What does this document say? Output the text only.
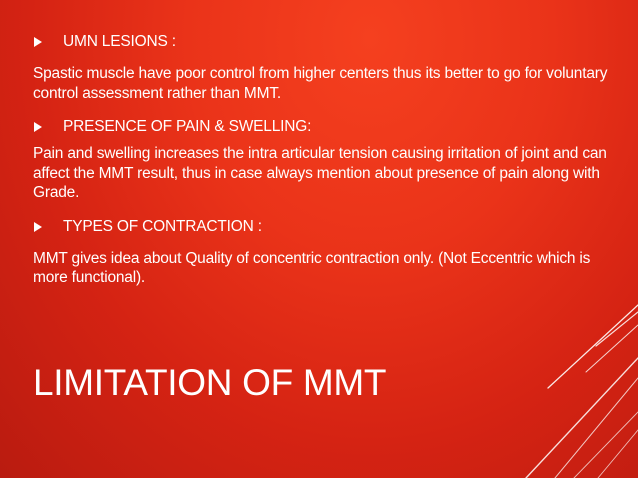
UMN LESIONS :

Spastic muscle have poor control from higher centers thus its better to go for voluntary control assessment rather than MMT.

PRESENCE OF PAIN & SWELLING:

Pain and swelling increases the intra articular tension causing irritation of joint and can affect the MMT result, thus in case always mention about presence of pain along with Grade.

TYPES OF CONTRACTION :

MMT gives idea about Quality of concentric contraction only. (Not Eccentric which is more functional).

LIMITATION OF MMT
